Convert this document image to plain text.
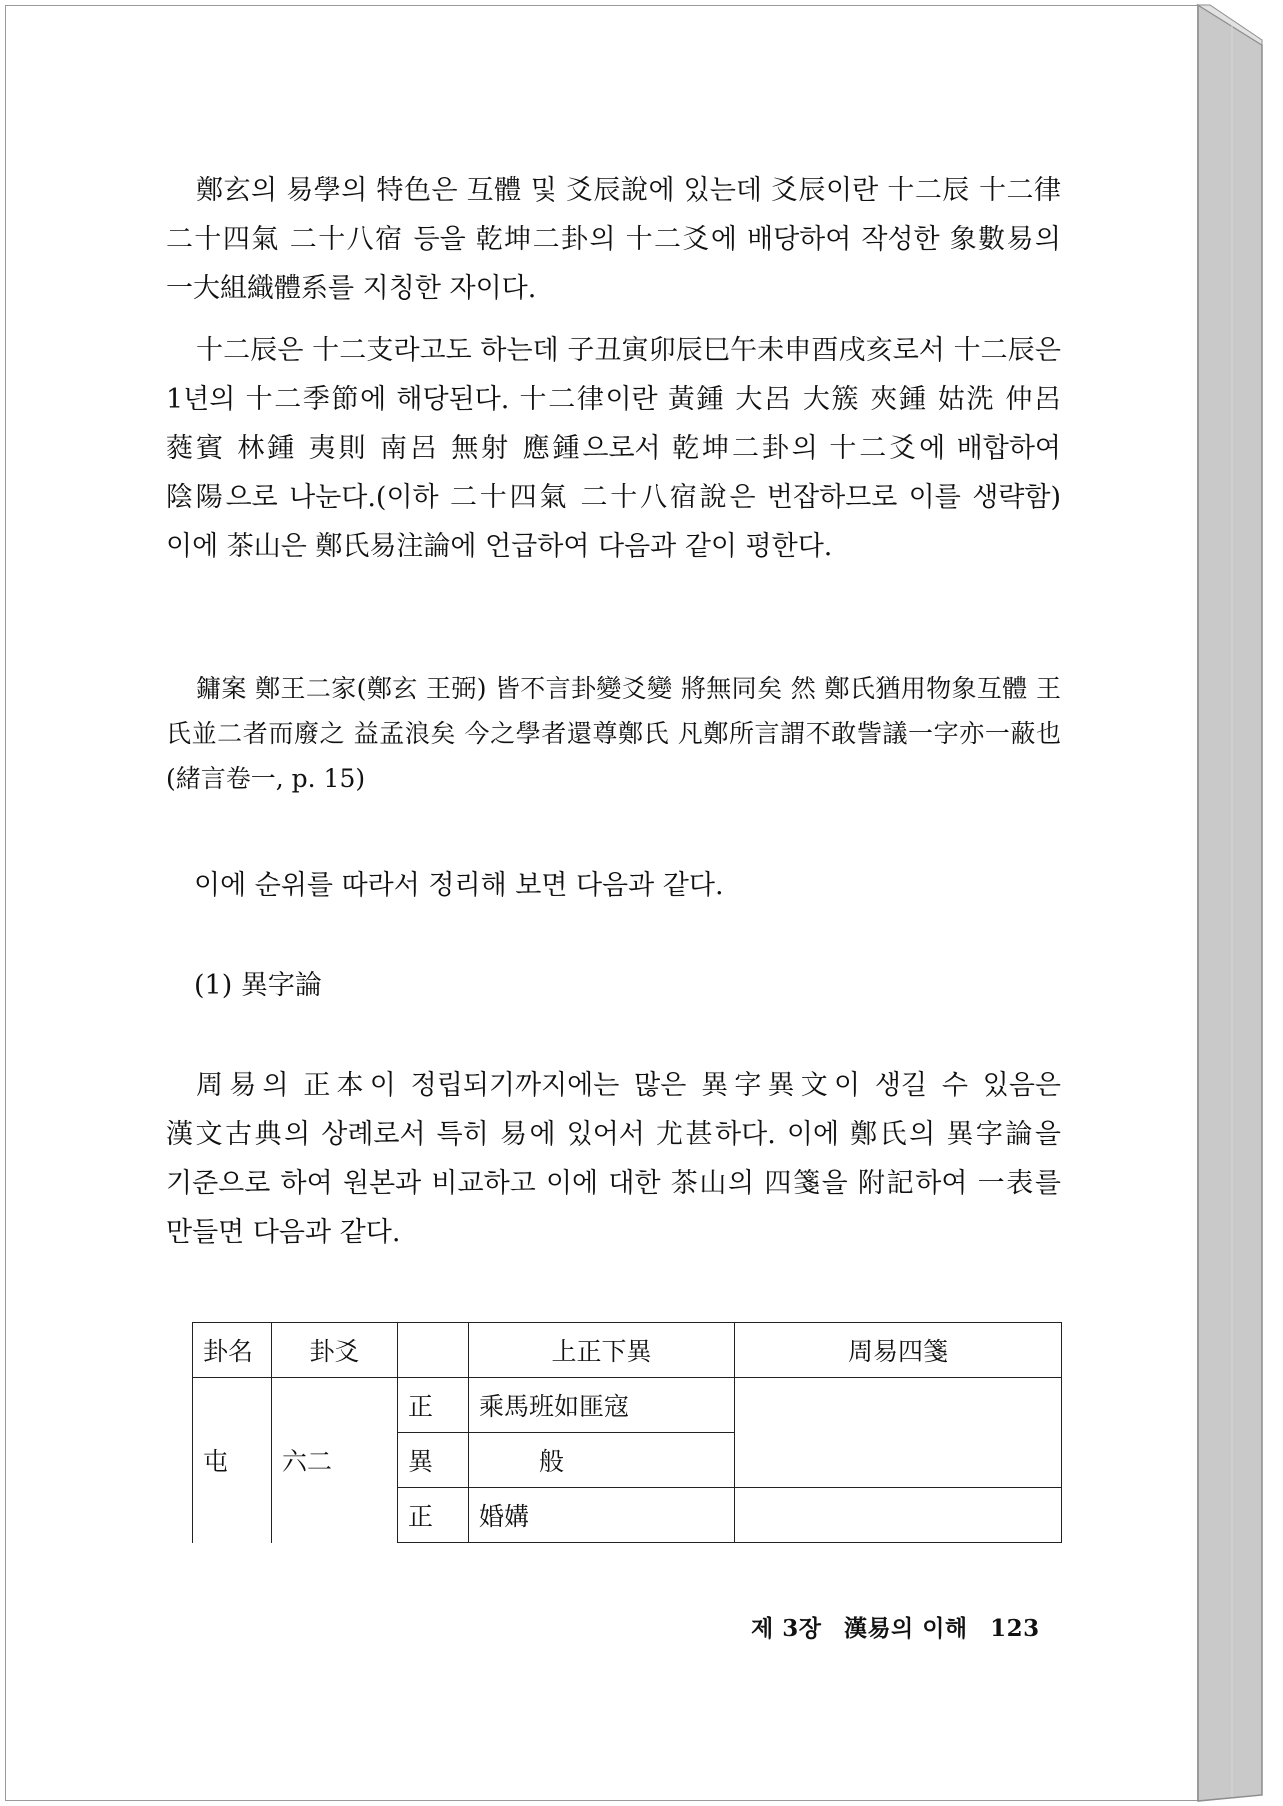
鄭玄의 易學의 特色은 互體 및 爻辰說에 있는데 爻辰이란 十二辰 十二律 二十四氣 二十八宿 등을 乾坤二卦의 十二爻에 배당하여 작성한 象數易의 一大組織體系를 지칭한 자이다.

十二辰은 十二支라고도 하는데 子丑寅卯辰巳午未申酉戌亥로서 十二辰은 1년의 十二季節에 해당된다. 十二律이란 黃鍾 大呂 大簇 夾鍾 姑洗 仲呂 蕤賓 林鍾 夷則 南呂 無射 應鍾으로서 乾坤二卦의 十二爻에 배합하여 陰陽으로 나눈다.(이하 二十四氣 二十八宿說은 번잡하므로 이를 생략함) 이에 茶山은 鄭氏易注論에 언급하여 다음과 같이 평한다.

鏞案 鄭王二家(鄭玄 王弼) 皆不言卦變爻變 將無同矣 然 鄭氏猶用物象互體 王氏並二者而廢之 益孟浪矣 今之學者還尊鄭氏 凡鄭所言謂不敢訾議一字亦一蔽也 (緒言卷一, p. 15)

이에 순위를 따라서 정리해 보면 다음과 같다.

(1) 異字論

周易의 正本이 정립되기까지에는 많은 異字異文이 생길 수 있음은 漢文古典의 상례로서 특히 易에 있어서 尤甚하다. 이에 鄭氏의 異字論을 기준으로 하여 원본과 비교하고 이에 대한 茶山의 四箋을 附記하여 一表를 만들면 다음과 같다.

卦名	卦爻		上正下異	周易四箋
屯	六二	正	乘馬班如匪寇	
		異	般	
		正	婚媾	
제 3장 漢易의 이해 123
